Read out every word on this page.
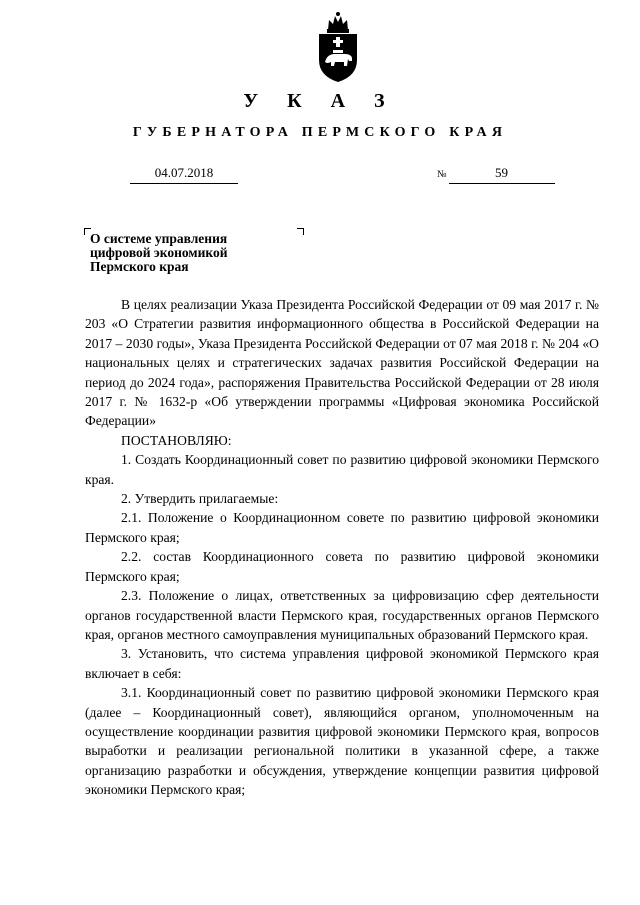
У К А З
ГУБЕРНАТОРА ПЕРМСКОГО КРАЯ
04.07.2018	№	59
О системе управления
цифровой экономикой
Пермского края

В целях реализации Указа Президента Российской Федерации от 09 мая 2017 г. № 203 «О Стратегии развития информационного общества в Российской Федерации на 2017 – 2030 годы», Указа Президента Российской Федерации от 07 мая 2018 г. № 204 «О национальных целях и стратегических задачах развития Российской Федерации на период до 2024 года», распоряжения Правительства Российской Федерации от 28 июля 2017 г. № 1632-р «Об утверждении программы «Цифровая экономика Российской Федерации»

ПОСТАНОВЛЯЮ:

1. Создать Координационный совет по развитию цифровой экономики Пермского края.

2. Утвердить прилагаемые:

2.1. Положение о Координационном совете по развитию цифровой экономики Пермского края;

2.2. состав Координационного совета по развитию цифровой экономики Пермского края;

2.3. Положение о лицах, ответственных за цифровизацию сфер деятельности органов государственной власти Пермского края, государственных органов Пермского края, органов местного самоуправления муниципальных образований Пермского края.

3. Установить, что система управления цифровой экономикой Пермского края включает в себя:

3.1. Координационный совет по развитию цифровой экономики Пермского края (далее – Координационный совет), являющийся органом, уполномоченным на осуществление координации развития цифровой экономики Пермского края, вопросов выработки и реализации региональной политики в указанной сфере, а также организацию разработки и обсуждения, утверждение концепции развития цифровой экономики Пермского края;
